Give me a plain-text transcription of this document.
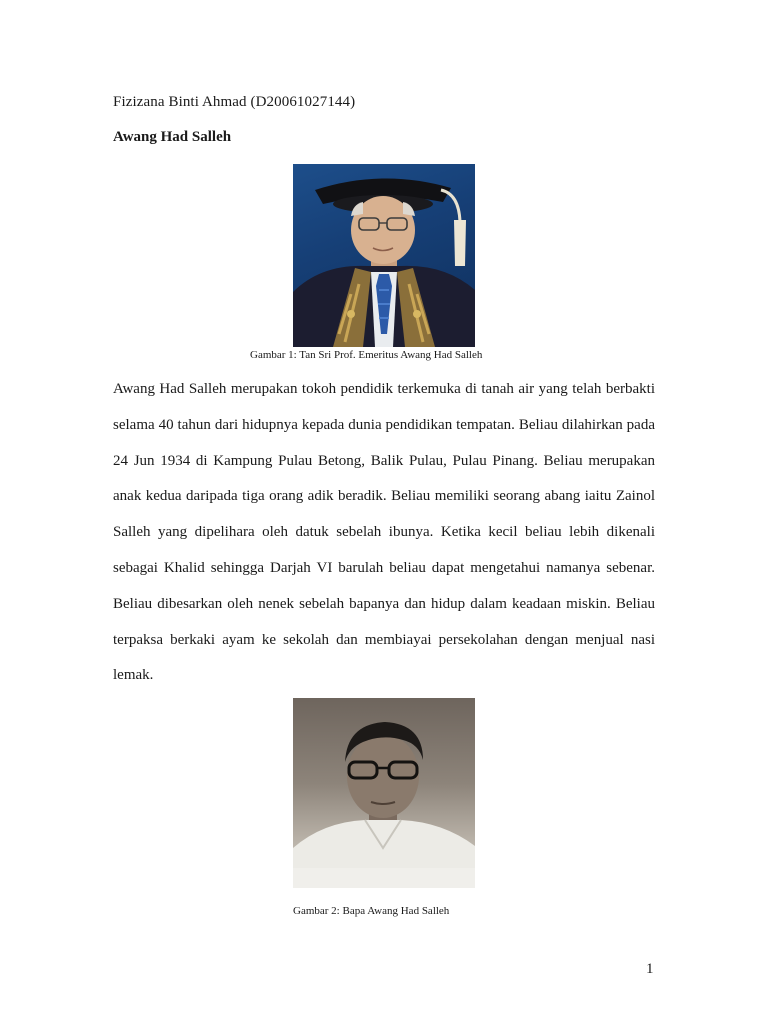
Fizizana Binti Ahmad (D20061027144)

Awang Had Salleh

Gambar 1: Tan Sri Prof. Emeritus Awang Had Salleh

Awang Had Salleh merupakan tokoh pendidik terkemuka di tanah air yang telah berbakti selama 40 tahun dari hidupnya kepada dunia pendidikan tempatan. Beliau dilahirkan pada 24 Jun 1934 di Kampung Pulau Betong, Balik Pulau, Pulau Pinang. Beliau merupakan anak kedua daripada tiga orang adik beradik. Beliau memiliki seorang abang iaitu Zainol Salleh yang dipelihara oleh datuk sebelah ibunya. Ketika kecil beliau lebih dikenali sebagai Khalid sehingga Darjah VI barulah beliau dapat mengetahui namanya sebenar. Beliau dibesarkan oleh nenek sebelah bapanya dan hidup dalam keadaan miskin. Beliau terpaksa berkaki ayam ke sekolah dan membiayai persekolahan dengan menjual nasi lemak.

Gambar 2: Bapa Awang Had Salleh

1
